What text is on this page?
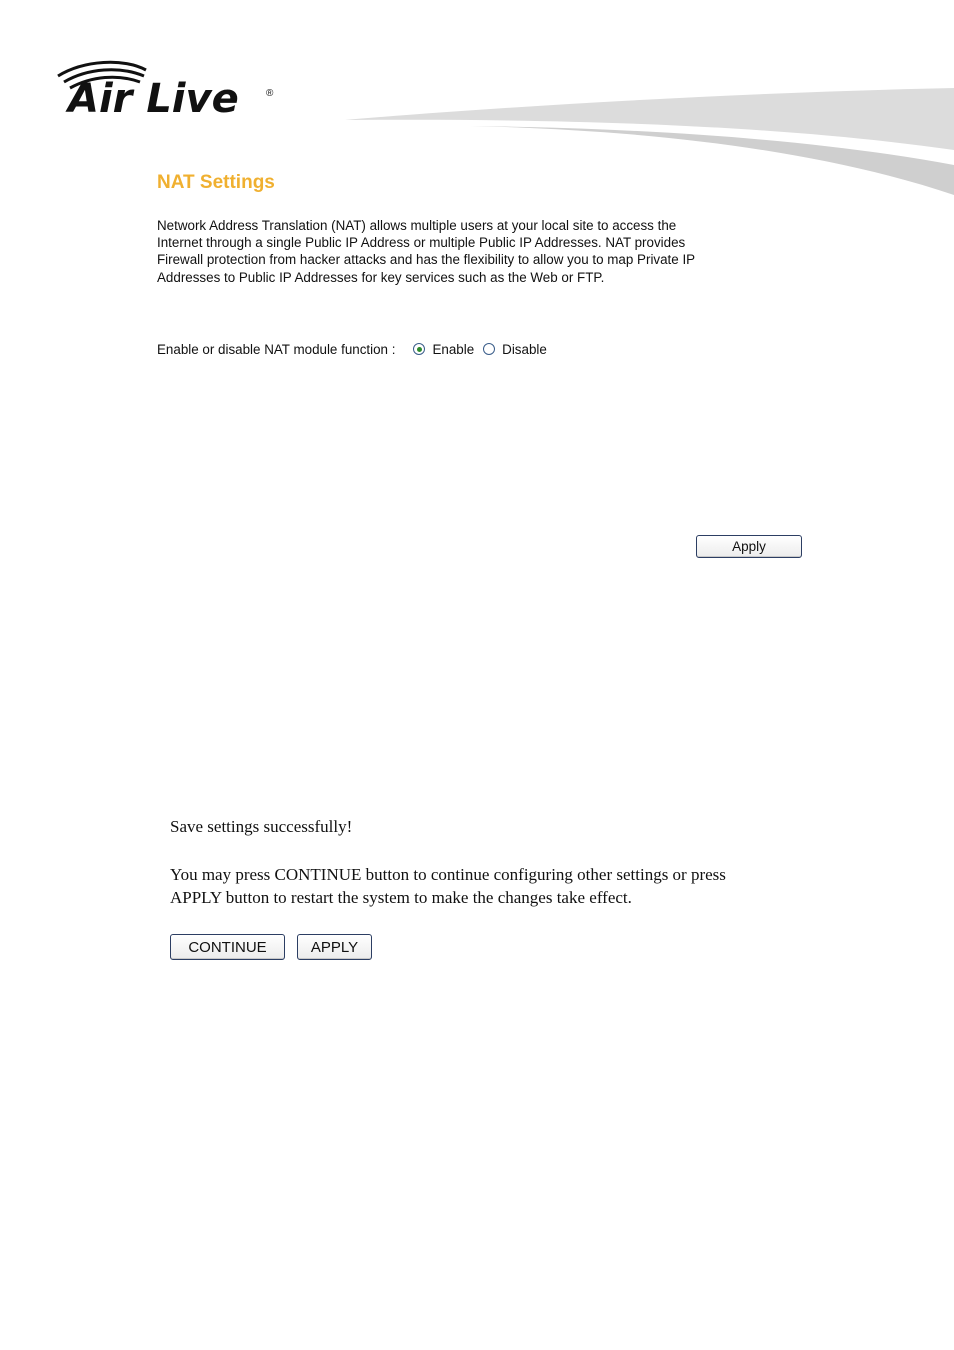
Air Live	®
NAT Settings

Network Address Translation (NAT) allows multiple users at your local site to access the

Internet through a single Public IP Address or multiple Public IP Addresses. NAT provides

Firewall protection from hacker attacks and has the flexibility to allow you to map Private IP

Addresses to Public IP Addresses for key services such as the Web or FTP.

Enable or disable NAT module function :	Enable Disable
Apply
Save settings successfully!

You may press CONTINUE button to continue configuring other settings or press

APPLY button to restart the system to make the changes take effect.

CONTINUE	APPLY
